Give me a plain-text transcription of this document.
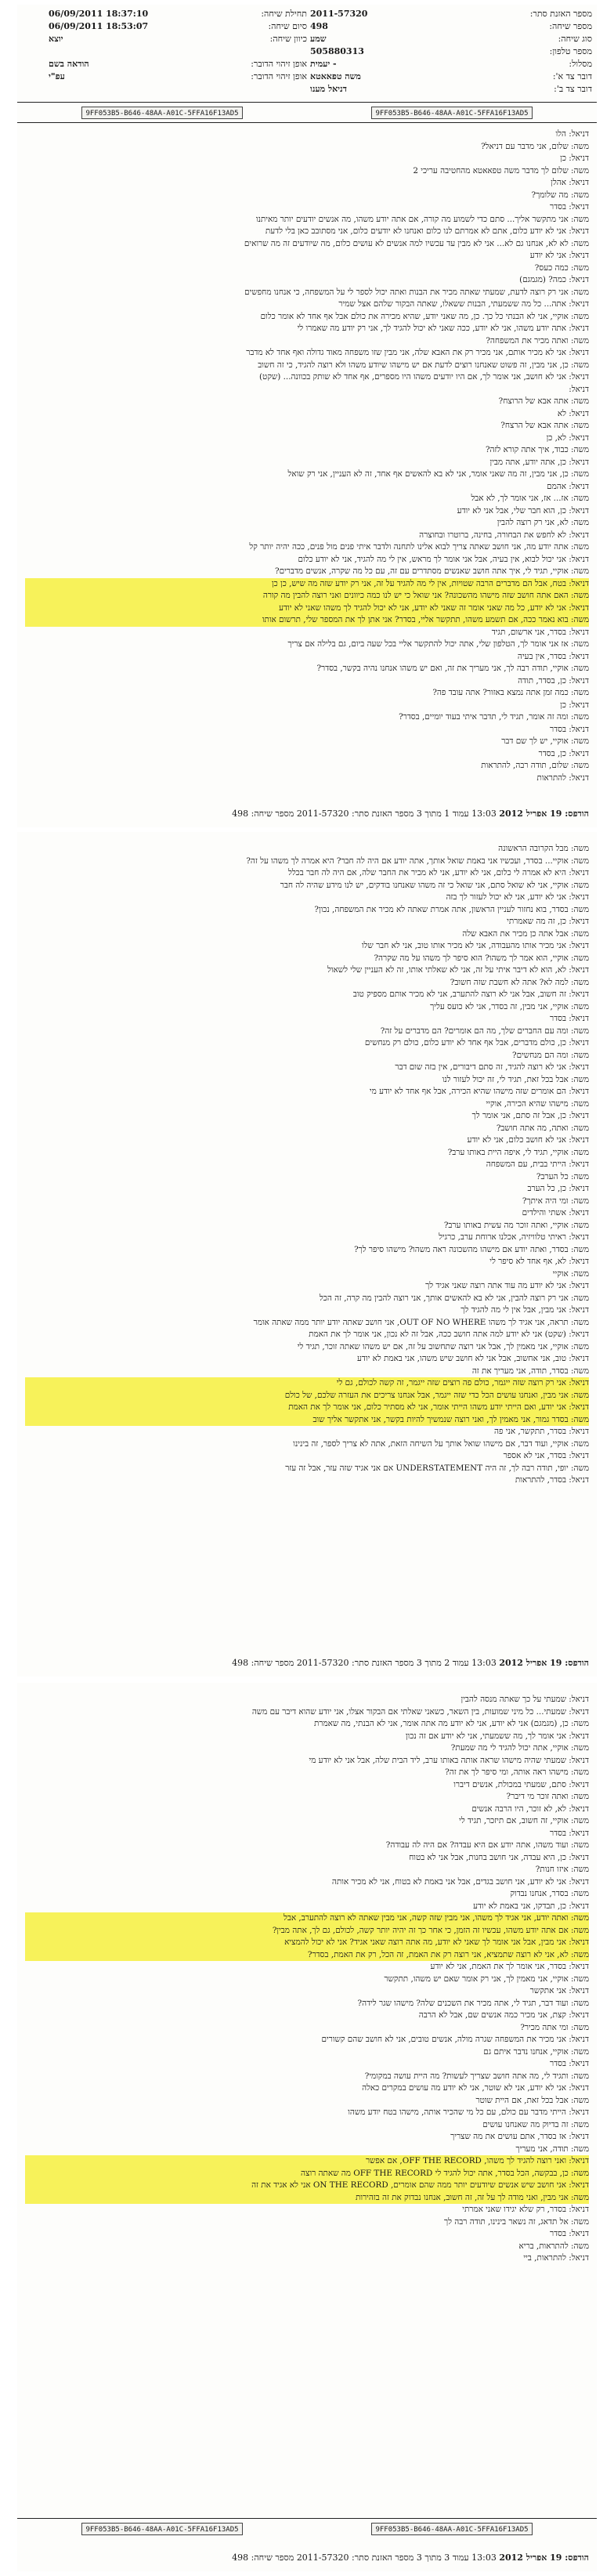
מספר האזנת סתר:
2011-57320
מספר שיחה:
498
סוג שיחה:
שמע
מספר טלפון:
505880313
מסלול:
- יעמית
דובר צד א':
משה טפאאטא
דובר צד ב':
דניאל מענו
תחילת שיחה:
18:37:10 06/09/2011
סיום שיחה:
18:53:07 06/09/2011
כיוון שיחה:
יוצא
אופן זיהוי הדובר:
הודאה בשם
אופן זיהוי הדובר:
עפ"י
9FF053B5-B646-48AA-A01C-5FFA16F13AD5
9FF053B5-B646-48AA-A01C-5FFA16F13AD5
דניאל: הלו
משה: שלום, אני מדבר עם דניאל?
דניאל: כן
משה: שלום לך מדבר משה טפאאטא מהחטיבה עריכי 2
דניאל: אהלן
משה: מה שלומך?
דניאל: בסדר
משה: אני מתקשר אליך... סתם כדי לשמוע מה קורה, אם אתה יודע משהו, מה אנשים יודעים יותר מאיתנו
דניאל: אני לא יודע כלום, אתם לא אמרתם לנו כלום ואנחנו לא יודעים כלום, אני מסתובב כאן בלי לדעת
משה: לא לא, אנחנו גם לא... אני לא מבין עד עכשיו למה אנשים לא עושים כלום, מה שיודעים זה מה שרואים
דניאל: אני לא יודע
משה: כמה כעס?
דניאל: כמה? (מגמגם)
משה: אני רק רוצה לדעת, שמעתי שאתה מכיר את הבנות ואתה יכול לספר לי על המשפחה, כי אנחנו מחפשים
דניאל: אתה... כל מה ששמעתי, הבנות ששאלו, שאתה הבקור שלהם אצל שמיר
משה: אוקיי, אני לא הבנתי כל כך. כן, מה שאני יודע, שהיא מכירה את כולם אבל אף אחד לא אומר כלום
דניאל: אתה יודע משהו, אני לא יודע, ככה שאני לא יכול להגיד לך, אני רק יודע מה שאמרו לי
משה: ואתה מכיר את המשפחה?
דניאל: אני לא מכיר אותם, אני מכיר רק את האבא שלה, אני מבין שזו משפחה מאוד גדולה ואף אחד לא מדבר
משה: כן, אני מבין, זה פשוט שאנחנו רוצים לדעת אם יש מישהו שיודע משהו ולא רוצה להגיד, כי זה חשוב
דניאל: אני לא חושב, אני אומר לך, אם היו יודעים משהו היו מספרים, אף אחד לא שותק בכוונה... (שקט)
דניאל:
משה: אתה אבא של הרוצח?
דניאל: לא
משה: אתה אבא של הרצח?
דניאל: לא, כן
משה: כבוד, איך אתה קורא לזה?
דניאל: כן, אתה יודע, אתה מבין
משה: כן, אני מבין, זה מה שאני אומר, אני לא בא להאשים אף אחד, זה לא העניין, אני רק שואל
דניאל: אהמם
משה: אז... אז, אני אומר לך, לא אבל
דניאל: כן, הוא חבר שלי, אבל אני לא יודע
משה: לא, אני רק רוצה להבין
דניאל: לא לחפש את הבחורה, בחינה, ברוטרו ובחוצרה
משה: אתה יודע מה, אני חושב שאתה צריך לבוא אלינו לתחנה ולדבר איתי פנים מול פנים, ככה יהיה יותר קל
דניאל: אני יכול לבוא, אין בעיה, אבל אני אומר לך מראש, אין לי מה להגיד, אני לא יודע כלום
משה: אוקיי, תגיד לי, איך אתה חושב שאנשים מסתדרים עם זה, עם כל מה שקרה, אנשים מדברים?
דניאל: בטח, אבל הם מדברים הרבה שטויות, אין לי מה להגיד על זה, אני רק יודע שזה מה שיש, כן כן
משה: האם אתה חושב שזה מישהו מהשכונה? אני שואל כי יש לנו כמה כיוונים ואני רוצה להבין מה קורה
דניאל: אני לא יודע, כל מה שאני אומר זה שאני לא יודע, אני לא יכול להגיד לך משהו שאני לא יודע
משה: בוא נאמר ככה, אם תשמע משהו, תתקשר אליי, בסדר? אני אתן לך את המספר שלי, תרשום אותו
דניאל: בסדר, אני ארשום, תגיד
משה: אז אני אומר לך, הטלפון שלי, אתה יכול להתקשר אליי בכל שעה ביום, גם בלילה אם צריך
דניאל: בסדר, אין בעיה
משה: אוקיי, תודה רבה לך, אני מעריך את זה, ואם יש משהו אנחנו נהיה בקשר, בסדר?
דניאל: כן, בסדר, תודה
משה: כמה זמן אתה נמצא באזור? אתה עובד פה?
דניאל: כן
משה: ומה זה אומר, תגיד לי, תדבר איתי בעוד יומיים, בסדר?
דניאל: בסדר
משה: אוקיי, יש לך שם דבר
דניאל: כן, בסדר
משה: שלום, תודה רבה, להתראות
דניאל: להתראות
הודפס: 19 אפריל 2012 13:03 עמוד 1 מתוך 3 מספר האזנת סתר: 2011-57320 מספר שיחה: 498
משה: מבל הקרובה הראשונה
משה: אוקיי... בסדר, ועכשיו אני באמת שואל אותך, אתה יודע אם היה לה חבר? היא אמרה לך משהו על זה?
דניאל: היא לא אמרה לי כלום, אני לא יודע, אני לא מכיר את החבר שלה, אם היה לה חבר בכלל
משה: אוקיי, אני לא שואל סתם, אני שואל כי זה משהו שאנחנו בודקים, יש לנו מידע שהיה לה חבר
דניאל: אני לא יודע, אני לא יכול לעזור לך בזה
משה: בסדר, בוא נחזור לעניין הראשון, אתה אמרת שאתה לא מכיר את המשפחה, נכון?
דניאל: כן, זה מה שאמרתי
משה: אבל אתה כן מכיר את האבא שלה
דניאל: אני מכיר אותו מהעבודה, אני לא מכיר אותו טוב, אני לא חבר שלו
משה: אוקיי, הוא אמר לך משהו? הוא סיפר לך משהו על מה שקרה?
דניאל: לא, הוא לא דיבר איתי על זה, אני לא שאלתי אותו, זה לא העניין שלי לשאול
משה: למה לא? אתה לא חשבת שזה חשוב?
דניאל: זה חשוב, אבל אני לא רוצה להתערב, אני לא מכיר אותם מספיק טוב
משה: אוקיי, אני מבין, זה בסדר, אני לא כועס עליך
דניאל: בסדר
משה: ומה עם החברים שלך, מה הם אומרים? הם מדברים על זה?
דניאל: כן, כולם מדברים, אבל אף אחד לא יודע כלום, כולם רק מנחשים
משה: ומה הם מנחשים?
דניאל: אני לא רוצה להגיד, זה סתם דיבורים, אין בזה שום דבר
משה: אבל בכל זאת, תגיד לי, זה יכול לעזור לנו
דניאל: הם אומרים שזה מישהו שהיא הכירה, אבל אף אחד לא יודע מי
משה: מישהו שהיא הכירה, אוקיי
דניאל: כן, אבל זה סתם, אני אומר לך
משה: ואתה, מה אתה חושב?
דניאל: אני לא חושב כלום, אני לא יודע
משה: אוקיי, תגיד לי, איפה היית באותו ערב?
דניאל: הייתי בבית, עם המשפחה
משה: כל הערב?
דניאל: כן, כל הערב
משה: ומי היה איתך?
דניאל: אשתי והילדים
משה: אוקיי, ואתה זוכר מה עשית באותו ערב?
דניאל: ראיתי טלוויזיה, אכלנו ארוחת ערב, כרגיל
משה: בסדר, ואתה יודע אם מישהו מהשכונה ראה משהו? מישהו סיפר לך?
דניאל: לא, אף אחד לא סיפר לי
משה: אוקיי
דניאל: אני לא יודע מה עוד אתה רוצה שאני אגיד לך
משה: אני רק רוצה להבין, אני לא בא להאשים אותך, אני רוצה להבין מה קרה, זה הכל
דניאל: אני מבין, אבל אין לי מה להגיד לך
משה: תראה, אני אגיד לך משהו OUT OF NO WHERE, אני חושב שאתה יודע יותר ממה שאתה אומר
דניאל: (שקט) אני לא יודע למה אתה חושב ככה, אבל זה לא נכון, אני אומר לך את האמת
משה: אוקיי, אני מאמין לך, אבל אני רוצה שתחשוב על זה, אם יש משהו שאתה זוכר, תגיד לי
דניאל: טוב, אני אחשוב, אבל אני לא חושב שיש משהו, אני באמת לא יודע
משה: בסדר, תודה, אני מעריך את זה
דניאל: אני רק רוצה שזה ייגמר, כולם פה רוצים שזה ייגמר, זה קשה לכולם, גם לי
משה: אני מבין, ואנחנו עושים הכל כדי שזה ייגמר, אבל אנחנו צריכים את העזרה שלכם, של כולם
דניאל: אני יודע, ואם הייתי יודע משהו הייתי אומר, אני לא מסתיר כלום, אני אומר לך את האמת
משה: בסדר גמור, אני מאמין לך, ואני רוצה שנמשיך להיות בקשר, אני אתקשר אליך שוב
דניאל: בסדר, תתקשר, אני פה
משה: אוקיי, ועוד דבר, אם מישהו שואל אותך על השיחה הזאת, אתה לא צריך לספר, זה בינינו
דניאל: בסדר, אני לא אספר
משה: יופי, תודה רבה לך, זה היה UNDERSTATEMENT אם אני אגיד שזה עזר, אבל זה עזר
דניאל: בסדר, להתראות
הודפס: 19 אפריל 2012 13:03 עמוד 2 מתוך 3 מספר האזנת סתר: 2011-57320 מספר שיחה: 498
דניאל: שמעתי על כך שאתה מנסה להבין
דניאל: שמעתי... כל מיני שמועות, בין השאר, כשאני שאלתי אם הבקור אצלו, אני יודע שהוא דיבר עם משה
משה: כן, (מגמגם) אני לא יודע, אני לא יודע מה אתה אומר, אני לא הבנתי, מה שאמרת
דניאל: אני אומר לך, מה ששמעתי, אני לא יודע אם זה נכון
משה: אוקיי, אתה יכול להגיד לי מה שמעת?
דניאל: שמעתי שהיה מישהו שראה אותה באותו ערב, ליד הבית שלה, אבל אני לא יודע מי
משה: מישהו ראה אותה, ומי סיפר לך את זה?
דניאל: סתם, שמעתי במכולת, אנשים דיברו
משה: ואתה זוכר מי דיבר?
דניאל: לא, לא זוכר, היו הרבה אנשים
משה: אוקיי, זה חשוב, אם תיזכר, תגיד לי
דניאל: בסדר
משה: ועוד משהו, אתה יודע אם היא עבדה? אם היה לה עבודה?
דניאל: כן, היא עבדה, אני חושב בחנות, אבל אני לא בטוח
משה: איזו חנות?
דניאל: אני לא יודע, אני חושב בגדים, אבל אני באמת לא בטוח, אני לא מכיר אותה
משה: בסדר, אנחנו נבדוק
דניאל: כן, תבדקו, אני באמת לא יודע
משה: ואתה יודע, אני אגיד לך משהו, אני מבין שזה קשה, אני מבין שאתה לא רוצה להתערב, אבל
משה: אם אתה יודע משהו, עכשיו זה הזמן, כי אחר כך זה יהיה יותר קשה, לכולם, גם לך, אתה מבין?
דניאל: אני מבין, אבל אני אומר לך שאני לא יודע, מה אתה רוצה שאני אגיד? אני לא יכול להמציא
משה: לא, אני לא רוצה שתמציא, אני רוצה רק את האמת, זה הכל, רק את האמת, בסדר?
דניאל: בסדר, אני אומר לך את האמת, אני לא יודע
משה: אוקיי, אני מאמין לך, אני רק אומר שאם יש משהו, תתקשר
דניאל: אני אתקשר
משה: ועוד דבר, תגיד לי, אתה מכיר את השכנים שלה? מישהו שגר לידה?
דניאל: קצת, אני מכיר כמה אנשים שם, אבל לא הרבה
משה: ומי אתה מכיר?
דניאל: אני מכיר את המשפחה שגרה מולה, אנשים טובים, אני לא חושב שהם קשורים
משה: אוקיי, אנחנו נדבר איתם גם
דניאל: בסדר
משה: ותגיד לי, מה אתה חושב שצריך לעשות? מה היית עושה במקומי?
דניאל: אני לא יודע, אני לא שוטר, אני לא יודע מה עושים במקרים כאלה
משה: אבל בכל זאת, אם היית שוטר
דניאל: הייתי מדבר עם כולם, עם כל מי שהכיר אותה, מישהו בטח יודע משהו
משה: זה בדיוק מה שאנחנו עושים
דניאל: אז בסדר, אתם עושים את מה שצריך
משה: תודה, אני מעריך
דניאל: ואני רוצה להגיד לך משהו, OFF THE RECORD, אם אפשר
משה: כן, בבקשה, הכל בסדר, אתה יכול להגיד לי OFF THE RECORD מה שאתה רוצה
דניאל: אני חושב שיש אנשים שיודעים יותר ממה שהם אומרים, ON THE RECORD אני לא אגיד את זה
משה: אני מבין, ואני מודה לך על זה, זה חשוב, אנחנו נבדוק את זה בזהירות
דניאל: בסדר, רק שלא יגידו שאני אמרתי
משה: אל תדאג, זה נשאר בינינו, תודה רבה לך
דניאל: בסדר
משה: להתראות, בריא
דניאל: להתראות, ביי
9FF053B5-B646-48AA-A01C-5FFA16F13AD5
9FF053B5-B646-48AA-A01C-5FFA16F13AD5
הודפס: 19 אפריל 2012 13:03 עמוד 3 מתוך 3 מספר האזנת סתר: 2011-57320 מספר שיחה: 498
